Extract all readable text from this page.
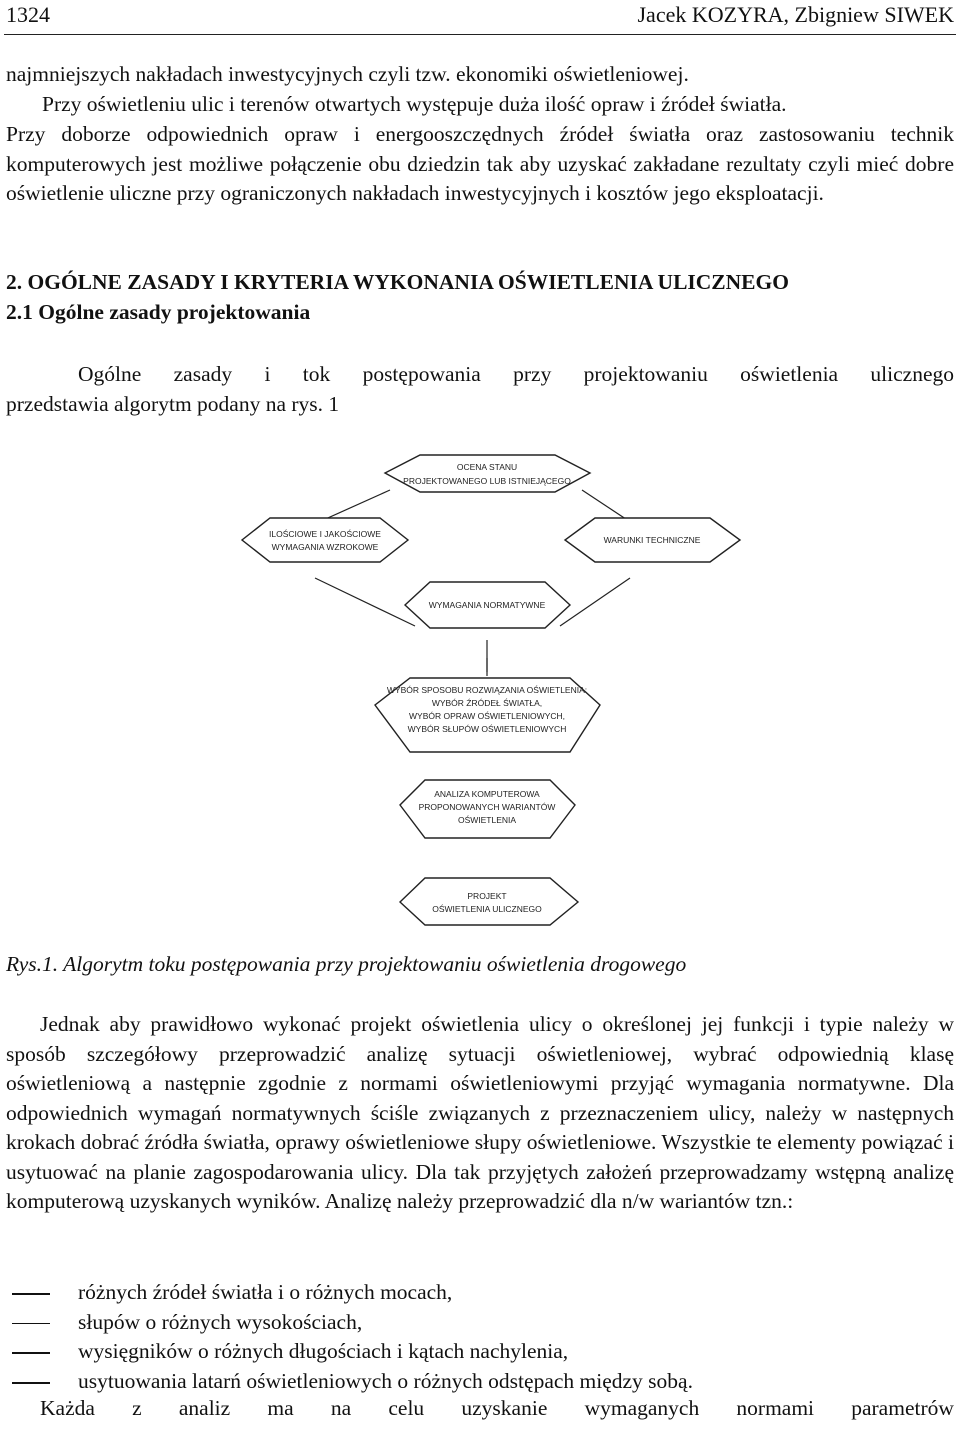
1324	Jacek KOZYRA, Zbigniew SIWEK

najmniejszych nakładach inwestycyjnych czyli tzw. ekonomiki oświetleniowej.

Przy oświetleniu ulic i terenów otwartych występuje duża ilość opraw i źródeł światła.

Przy doborze odpowiednich opraw i energooszczędnych źródeł światła oraz zastosowaniu technik komputerowych jest możliwe połączenie obu dziedzin tak aby uzyskać zakładane rezultaty czyli mieć dobre oświetlenie uliczne przy ograniczonych nakładach inwestycyjnych i kosztów jego eksploatacji.

2. OGÓLNE ZASADY I KRYTERIA WYKONANIA OŚWIETLENIA ULICZNEGO

2.1 Ogólne zasady projektowania

Ogólne zasady i tok postępowania przy projektowaniu oświetlenia ulicznego

przedstawia algorytm podany na rys. 1

OCENA STANU
PROJEKTOWANEGO LUB ISTNIEJĄCEGO
ILOŚCIOWE I JAKOŚCIOWE
WYMAGANIA WZROKOWE
WARUNKI TECHNICZNE
WYMAGANIA NORMATYWNE
WYBÓR SPOSOBU ROZWIĄZANIA OŚWIETLENIA:
WYBÓR ŹRÓDEŁ ŚWIATŁA,
WYBÓR OPRAW OŚWIETLENIOWYCH,
WYBÓR SŁUPÓW OŚWIETLENIOWYCH
ANALIZA KOMPUTEROWA
PROPONOWANYCH WARIANTÓW
OŚWIETLENIA
PROJEKT
OŚWIETLENIA ULICZNEGO
Rys.1. Algorytm toku postępowania przy projektowaniu oświetlenia drogowego

Jednak aby prawidłowo wykonać projekt oświetlenia ulicy o określonej jej funkcji i typie należy w sposób szczegółowy przeprowadzić analizę sytuacji oświetleniowej, wybrać odpowiednią klasę oświetleniową a następnie zgodnie z normami oświetleniowymi przyjąć wymagania normatywne. Dla odpowiednich wymagań normatywnych ściśle związanych z przeznaczeniem ulicy, należy w następnych krokach dobrać źródła światła, oprawy oświetleniowe słupy oświetleniowe. Wszystkie te elementy powiązać i usytuować na planie zagospodarowania ulicy. Dla tak przyjętych założeń przeprowadzamy wstępną analizę komputerową uzyskanych wyników. Analizę należy przeprowadzić dla n/w wariantów tzn.:

różnych źródeł światła i o różnych mocach,
słupów o różnych wysokościach,
wysięgników o różnych długościach i kątach nachylenia,
usytuowania latarń oświetleniowych o różnych odstępach między sobą.
Każda z analiz ma na celu uzyskanie wymaganych normami parametrów
